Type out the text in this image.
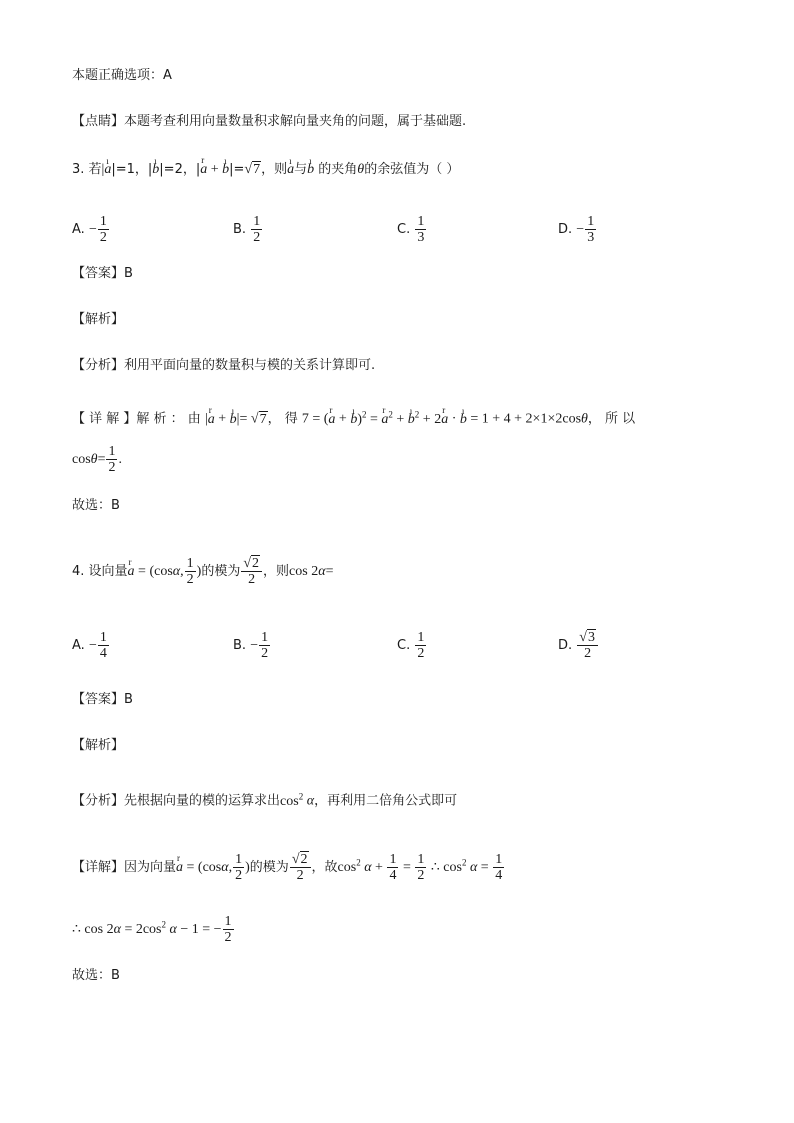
本题正确选项：A
【点睛】本题考查利用向量数量积求解向量夹角的问题，属于基础题.
3. 若|ı a|=1，|ı b|=2，|r a + ı b|=√7，则ı a与ı b 的夹角θ的余弦值为（ ）
A. − $\frac{1}{2}$	B. $\frac{1}{2}$	C. $\frac{1}{3}$	D. − $\frac{1}{3}$
【答案】B
【解析】
【分析】利用平面向量的数量积与模的关系计算即可.
【 详 解 】解 析 ： 由 |r a + ı b|= √7， 得 7 = (r a + ı b)$^2$ = r $a^2$ + ı $b^2 + 2r$ a · ı b = 1 + 4 + 2×1×2cosθ， 所 以
$\cos\theta= \frac{1}{2}$ .
故选：B
4. 设向量r a = (cosα, $\frac{1}{2}$ )的模为 $\frac{√2}{2}$ ，则cos 2α=
A. − $\frac{1}{4}$	B. − $\frac{1}{2}$	C. $\frac{1}{2}$	D. $\frac{√3}{2}$
【答案】B
【解析】
【分析】先根据向量的模的运算求出$\cos^2 \alpha$，再利用二倍角公式即可
【详解】因为向量r a = (cosα, $\frac{1}{2}$ )的模为 $\frac{√2}{2}$ ，故$\cos^2 \alpha + \frac{1}{4} = \frac{1}{2}$ ∴ $\cos^2 \alpha = \frac{1}{4}$
∴ $\cos 2\alpha = 2\cos^2$ α − 1 = − $\frac{1}{2}$
故选：B
